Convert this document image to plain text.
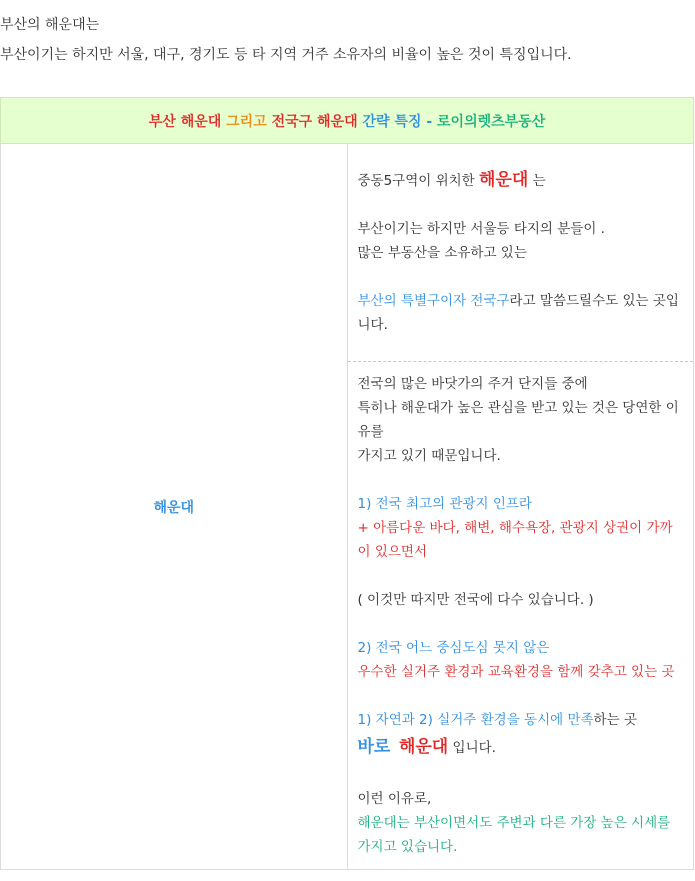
부산의 해운대는

부산이기는 하지만 서울, 대구, 경기도 등 타 지역 거주 소유자의 비율이 높은 것이 특징입니다.

부산 해운대 그리고 전국구 해운대 간략 특징 - 로이의렛츠부동산
해운대	

중동5구역이 위치한 해운대 는

부산이기는 하지만 서울등 타지의 분들이 .

많은 부동산을 소유하고 있는

부산의 특별구이자 전국구라고 말씀드릴수도 있는 곳입니다.

전국의 많은 바닷가의 주거 단지들 중에

특히나 해운대가 높은 관심을 받고 있는 것은 당연한 이유를

가지고 있기 때문입니다.

1) 전국 최고의 관광지 인프라

+ 아름다운 바다, 해변, 해수욕장, 관광지 상권이 가까이 있으면서

( 이것만 따지만 전국에 다수 있습니다. )

2) 전국 어느 중심도심 못지 않은

우수한 실거주 환경과 교육환경을 함께 갖추고 있는 곳

1) 자연과 2) 실거주 환경을 동시에 만족하는 곳

바로 해운대 입니다.

이런 이유로,

해운대는 부산이면서도 주변과 다른 가장 높은 시세를 가지고 있습니다.
